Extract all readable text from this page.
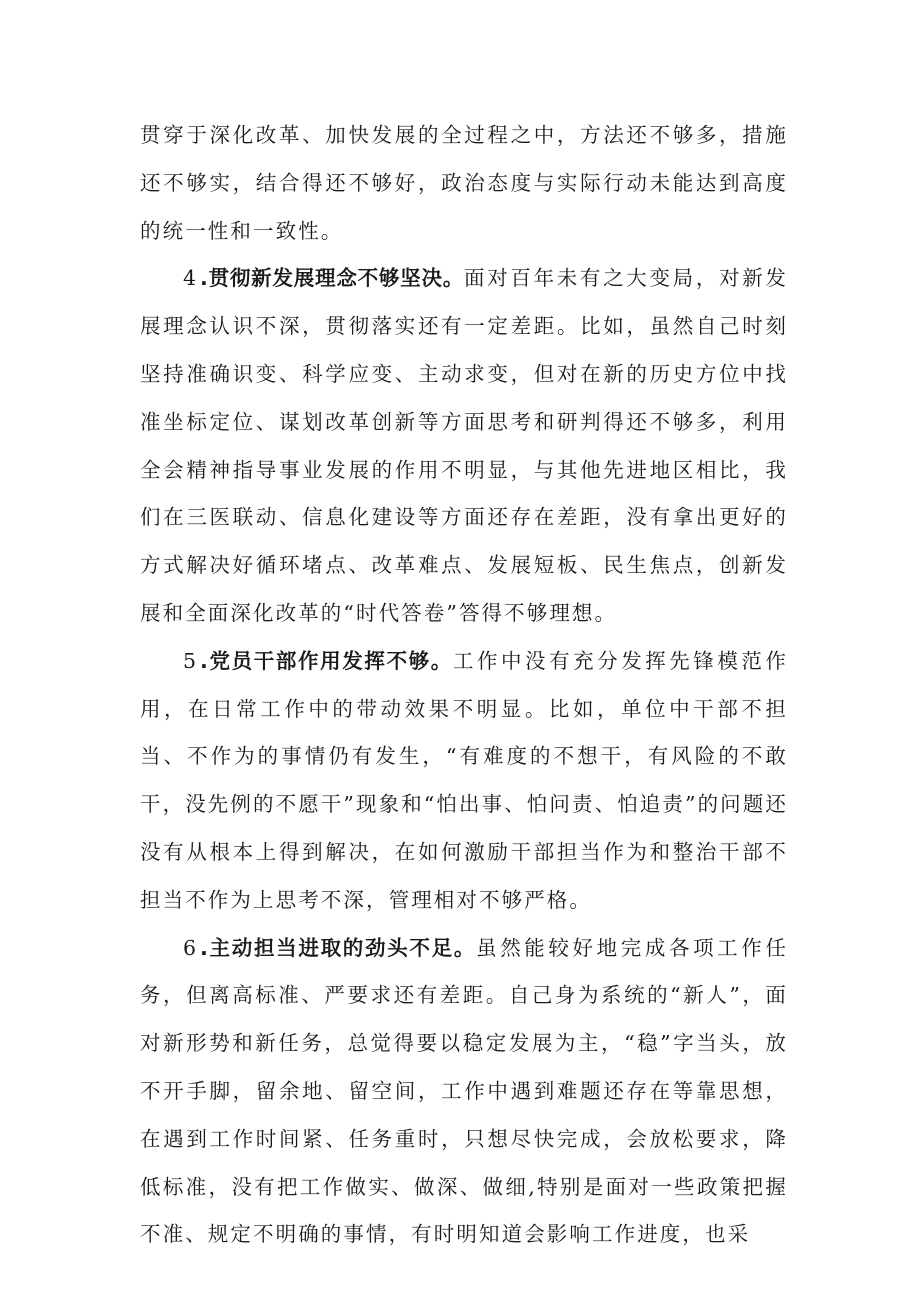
贯穿于深化改革、加快发展的全过程之中，方法还不够多，措施还不够实，结合得还不够好，政治态度与实际行动未能达到高度的统一性和一致性。

4.贯彻新发展理念不够坚决。面对百年未有之大变局，对新发展理念认识不深，贯彻落实还有一定差距。比如，虽然自己时刻坚持准确识变、科学应变、主动求变，但对在新的历史方位中找准坐标定位、谋划改革创新等方面思考和研判得还不够多，利用全会精神指导事业发展的作用不明显，与其他先进地区相比，我们在三医联动、信息化建设等方面还存在差距，没有拿出更好的方式解决好循环堵点、改革难点、发展短板、民生焦点，创新发展和全面深化改革的“时代答卷”答得不够理想。

5.党员干部作用发挥不够。工作中没有充分发挥先锋模范作用，在日常工作中的带动效果不明显。比如，单位中干部不担当、不作为的事情仍有发生，“有难度的不想干，有风险的不敢干，没先例的不愿干”现象和“怕出事、怕问责、怕追责”的问题还没有从根本上得到解决，在如何激励干部担当作为和整治干部不担当不作为上思考不深，管理相对不够严格。

6.主动担当进取的劲头不足。虽然能较好地完成各项工作任务，但离高标准、严要求还有差距。自己身为系统的“新人”，面对新形势和新任务，总觉得要以稳定发展为主，“稳”字当头，放不开手脚，留余地、留空间，工作中遇到难题还存在等靠思想，在遇到工作时间紧、任务重时，只想尽快完成，会放松要求，降低标准，没有把工作做实、做深、做细,特别是面对一些政策把握不准、规定不明确的事情，有时明知道会影响工作进度，也采
